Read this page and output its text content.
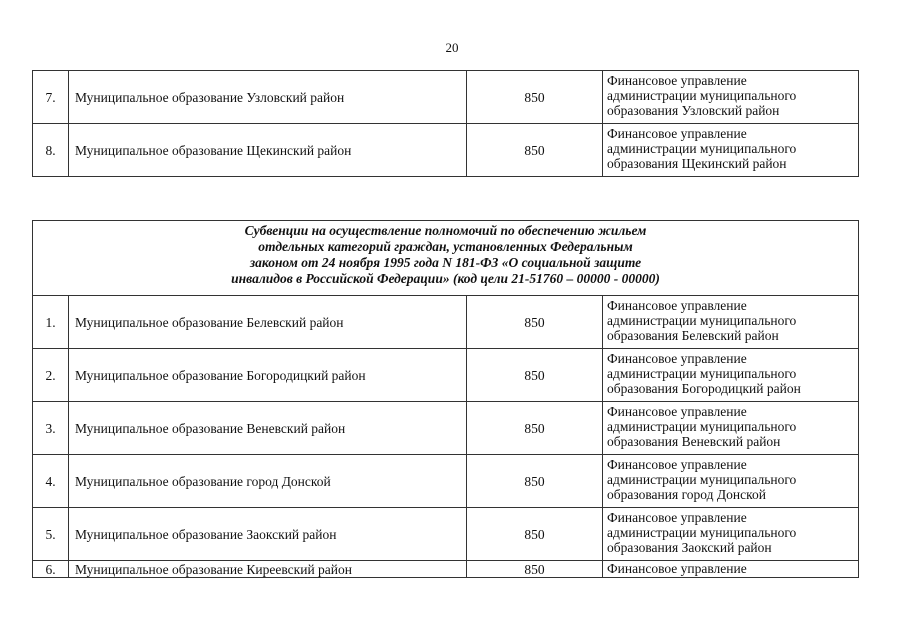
20
7.	Муниципальное образование Узловский район	850	Финансовое управление
администрации муниципального
образования Узловский район
8.	Муниципальное образование Щекинский район	850	Финансовое управление
администрации муниципального
образования Щекинский район
Субвенции на осуществление полномочий по обеспечению жильем
отдельных категорий граждан, установленных Федеральным
законом от 24 ноября 1995 года N 181-ФЗ «О социальной защите
инвалидов в Российской Федерации» (код цели 21-51760 – 00000 - 00000)			
1.	Муниципальное образование Белевский район	850	Финансовое управление
администрации муниципального
образования Белевский район
2.	Муниципальное образование Богородицкий район	850	Финансовое управление
администрации муниципального
образования Богородицкий район
3.	Муниципальное образование Веневский район	850	Финансовое управление
администрации муниципального
образования Веневский район
4.	Муниципальное образование город Донской	850	Финансовое управление
администрации муниципального
образования город Донской
5.	Муниципальное образование Заокский район	850	Финансовое управление
администрации муниципального
образования Заокский район
6.	Муниципальное образование Киреевский район	850	Финансовое управление
